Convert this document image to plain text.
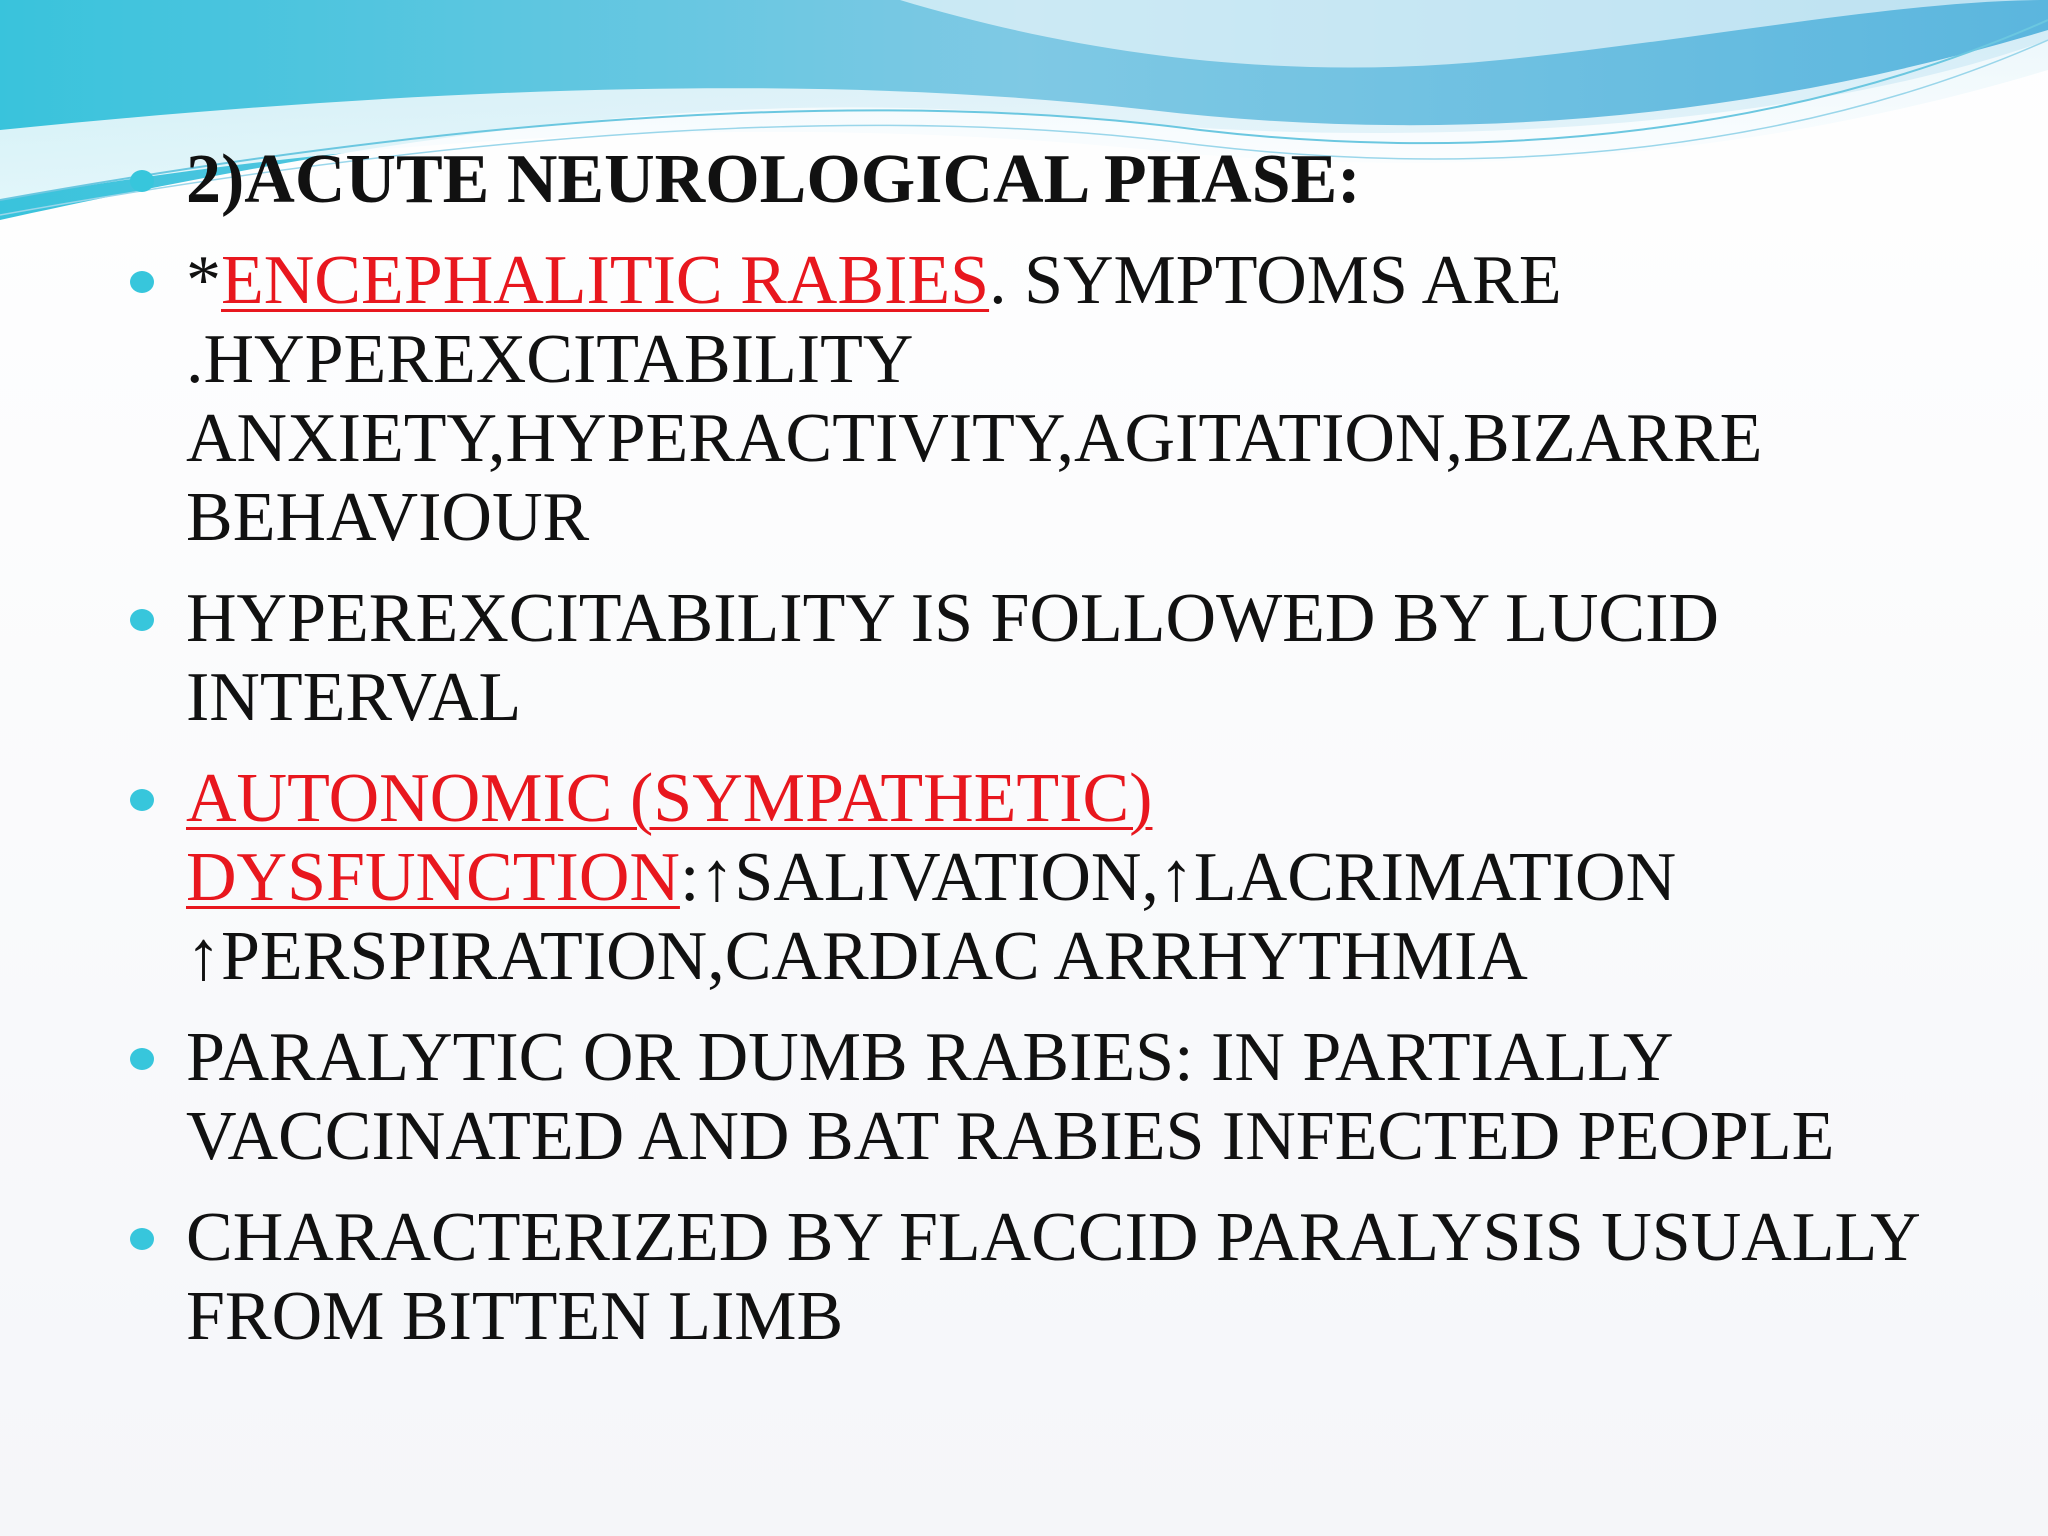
2)ACUTE NEUROLOGICAL PHASE:
*ENCEPHALITIC RABIES. SYMPTOMS ARE
.HYPEREXCITABILITY
ANXIETY,HYPERACTIVITY,AGITATION,BIZARRE
BEHAVIOUR
HYPEREXCITABILITY IS FOLLOWED BY LUCID
INTERVAL
AUTONOMIC (SYMPATHETIC)
DYSFUNCTION:↑SALIVATION,↑LACRIMATION
↑PERSPIRATION,CARDIAC ARRHYTHMIA
PARALYTIC OR DUMB RABIES: IN PARTIALLY
VACCINATED AND BAT RABIES INFECTED PEOPLE
CHARACTERIZED BY FLACCID PARALYSIS USUALLY
FROM BITTEN LIMB
